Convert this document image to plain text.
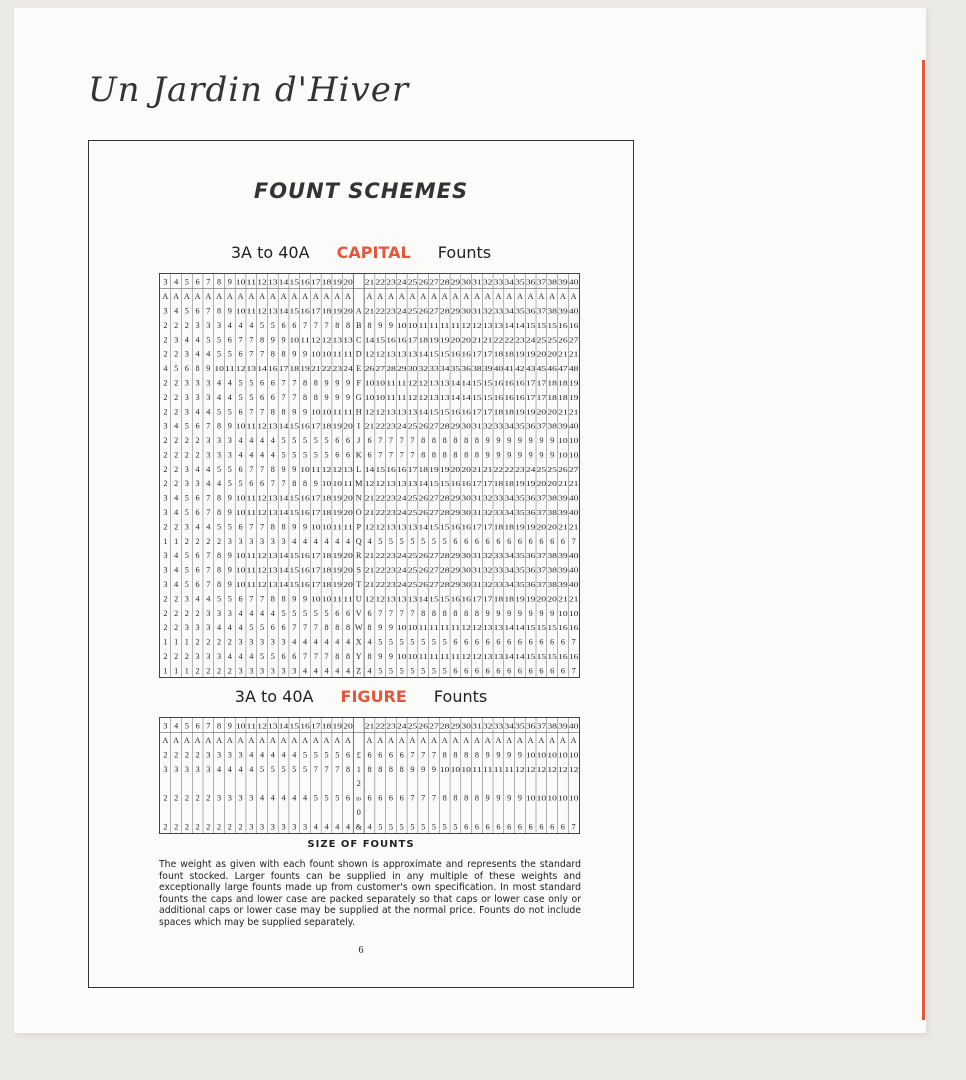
Un Jardin d'Hiver
FOUNT SCHEMES
3A to 40A CAPITAL Founts
3 4 5 6 7 8 9 10 11 12 13 14 15 16 17 18 19 20 21 22 23 24 25 26 27 28 29 30 31 32 33 34 35 36 37 38 39 40
A A A A A A A A A A A A A A A A A A A A A A A A A A A A A A A A A A A A A A
3 4 5 6 7 8 9 10 11 12 13 14 15 16 17 18 19 20 A 21 22 23 24 25 26 27 28 29 30 31 32 33 34 35 36 37 38 39 40
2 2 2 3 3 3 4 4 4 5 5 6 6 7 7 7 8 8 B 8 9 9 10 10 11 11 11 11 12 12 13 13 14 14 15 15 15 16 16
2 3 4 4 5 5 6 7 7 8 9 9 10 11 12 12 13 13 C 14 15 16 16 17 18 19 19 20 20 21 21 22 22 23 24 25 25 26 27
2 2 3 4 4 5 5 6 7 7 8 8 9 9 10 10 11 11 D 12 12 13 13 13 14 15 15 16 16 17 17 18 18 19 19 20 20 21 21
4 5 6 8 9 10 11 12 13 14 16 17 18 19 21 22 23 24 E 26 27 28 29 30 32 33 34 35 36 38 39 40 41 42 43 45 46 47 48
2 2 3 3 3 4 4 5 5 6 6 7 7 8 8 9 9 9 F 10 10 11 11 12 12 13 13 14 14 15 15 16 16 16 17 17 18 18 19
2 2 3 3 3 4 4 5 5 6 6 7 7 8 8 9 9 9 G 10 10 11 11 12 12 13 13 14 14 15 15 16 16 16 17 17 18 18 19
2 2 3 4 4 5 5 6 7 7 8 8 9 9 10 10 11 11 H 12 12 13 13 13 14 15 15 16 16 17 17 18 18 19 19 20 20 21 21
3 4 5 6 7 8 9 10 11 12 13 14 15 16 17 18 19 20 I 21 22 23 24 25 26 27 28 29 30 31 32 33 34 35 36 37 38 39 40
2 2 2 2 3 3 3 4 4 4 4 5 5 5 5 5 6 6 J 6 7 7 7 7 8 8 8 8 8 8 9 9 9 9 9 9 9 10 10
2 2 2 2 3 3 3 4 4 4 4 5 5 5 5 5 6 6 K 6 7 7 7 7 8 8 8 8 8 8 9 9 9 9 9 9 9 10 10
2 2 3 4 4 5 5 6 7 7 8 9 9 10 11 12 12 13 L 14 15 16 16 17 18 19 19 20 20 21 21 22 22 23 24 25 25 26 27
2 2 3 3 4 4 5 5 6 6 7 7 8 8 9 10 10 11 M 12 12 13 13 13 14 15 15 16 16 17 17 18 18 19 19 20 20 21 21
3 4 5 6 7 8 9 10 11 12 13 14 15 16 17 18 19 20 N 21 22 23 24 25 26 27 28 29 30 31 32 33 34 35 36 37 38 39 40
3 4 5 6 7 8 9 10 11 12 13 14 15 16 17 18 19 20 O 21 22 23 24 25 26 27 28 29 30 31 32 33 34 35 36 37 38 39 40
2 2 3 4 4 5 5 6 7 7 8 8 9 9 10 10 11 11 P 12 12 13 13 13 14 15 15 16 16 17 17 18 18 19 19 20 20 21 21
1 1 2 2 2 2 3 3 3 3 3 3 4 4 4 4 4 4 Q 4 5 5 5 5 5 5 5 6 6 6 6 6 6 6 6 6 6 6 7
3 4 5 6 7 8 9 10 11 12 13 14 15 16 17 18 19 20 R 21 22 23 24 25 26 27 28 29 30 31 32 33 34 35 36 37 38 39 40
3 4 5 6 7 8 9 10 11 12 13 14 15 16 17 18 19 20 S 21 22 23 24 25 26 27 28 29 30 31 32 33 34 35 36 37 38 39 40
3 4 5 6 7 8 9 10 11 12 13 14 15 16 17 18 19 20 T 21 22 23 24 25 26 27 28 29 30 31 32 33 34 35 36 37 38 39 40
2 2 3 4 4 5 5 6 7 7 8 8 9 9 10 10 11 11 U 12 12 13 13 13 14 15 15 16 16 17 17 18 18 19 19 20 20 21 21
2 2 2 2 3 3 3 4 4 4 4 5 5 5 5 5 6 6 V 6 7 7 7 7 8 8 8 8 8 8 9 9 9 9 9 9 9 10 10
2 2 3 3 3 4 4 4 5 5 6 6 7 7 7 8 8 8 W 8 9 9 10 10 11 11 11 11 12 12 13 13 14 14 15 15 15 16 16
1 1 1 2 2 2 2 3 3 3 3 3 4 4 4 4 4 4 X 4 5 5 5 5 5 5 5 6 6 6 6 6 6 6 6 6 6 6 7
2 2 2 3 3 3 4 4 4 5 5 6 6 7 7 7 8 8 Y 8 9 9 10 10 11 11 11 11 12 12 13 13 14 14 15 15 15 16 16
1 1 1 2 2 2 2 3 3 3 3 3 3 4 4 4 4 4 Z 4 5 5 5 5 5 5 5 6 6 6 6 6 6 6 6 6 6 6 7
3A to 40A FIGURE Founts
3 4 5 6 7 8 9 10 11 12 13 14 15 16 17 18 19 20 21 22 23 24 25 26 27 28 29 30 31 32 33 34 35 36 37 38 39 40
A A A A A A A A A A A A A A A A A A A A A A A A A A A A A A A A A A A A A A
2 2 2 2 3 3 3 3 4 4 4 4 4 5 5 5 5 6 £ 6 6 6 6 7 7 7 8 8 8 8 9 9 9 9 10 10 10 10 10
3 3 3 3 3 4 4 4 4 5 5 5 5 5 7 7 7 8 1 8 8 8 8 9 9 9 10 10 10 11 11 11 11 12 12 12 12 12 12
2
2 2 2 2 2 3 3 3 3 4 4 4 4 4 5 5 5 6 to 6 6 6 6 7 7 7 8 8 8 8 9 9 9 9 10 10 10 10 10
0
2 2 2 2 2 2 2 2 3 3 3 3 3 3 4 4 4 4 & 4 5 5 5 5 5 5 5 5 6 6 6 6 6 6 6 6 6 6 7
SIZE OF FOUNTS
The weight as given with each fount shown is approximate and represents the standard fount stocked. Larger founts can be supplied in any multiple of these weights and exceptionally large founts made up from customer's own specification. In most standard founts the caps and lower case are packed separately so that caps or lower case only or additional caps or lower case may be supplied at the normal price. Founts do not include spaces which may be supplied separately.
6
